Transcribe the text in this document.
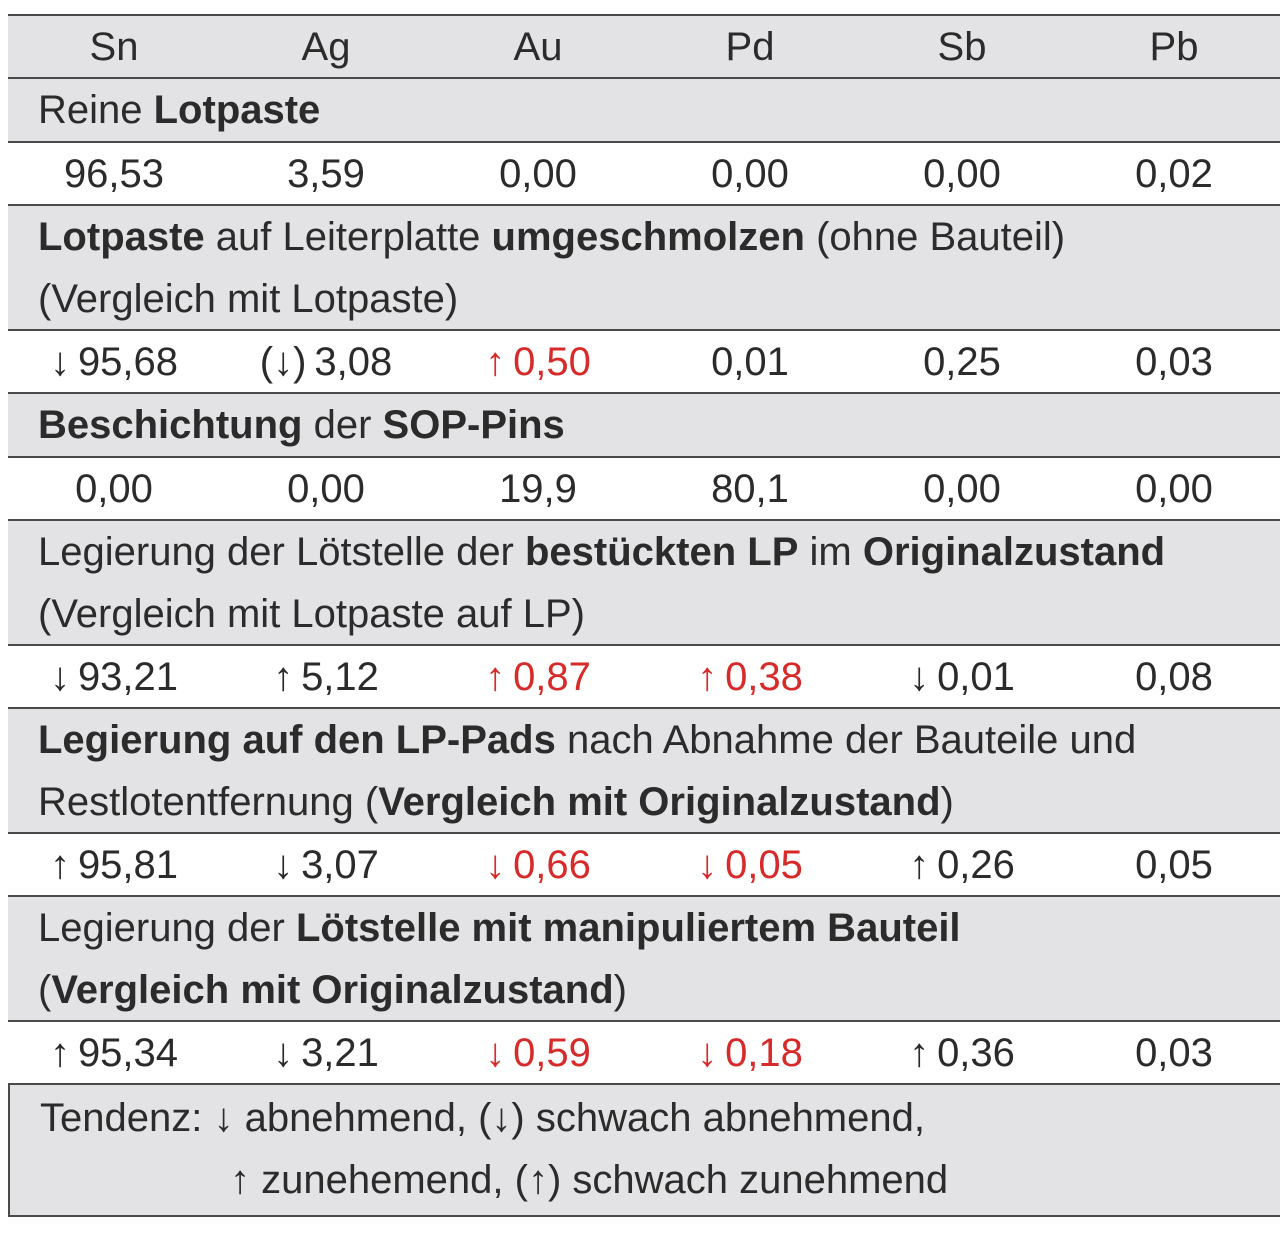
Sn	Ag	Au	Pd	Sb	Pb
Reine Lotpaste
96,53	3,59	0,00	0,00	0,00	0,02
Lotpaste auf Leiterplatte umgeschmolzen (ohne Bauteil)
(Vergleich mit Lotpaste)
↓ 95,68	(↓) 3,08	↑ 0,50	0,01	0,25	0,03
Beschichtung der SOP-Pins
0,00	0,00	19,9	80,1	0,00	0,00
Legierung der Lötstelle der bestückten LP im Originalzustand
(Vergleich mit Lotpaste auf LP)
↓ 93,21	↑ 5,12	↑ 0,87	↑ 0,38	↓ 0,01	0,08
Legierung auf den LP-Pads nach Abnahme der Bauteile und
Restlotentfernung (Vergleich mit Originalzustand)
↑ 95,81	↓ 3,07	↓ 0,66	↓ 0,05	↑ 0,26	0,05
Legierung der Lötstelle mit manipuliertem Bauteil
(Vergleich mit Originalzustand)
↑ 95,34	↓ 3,21	↓ 0,59	↓ 0,18	↑ 0,36	0,03
Tendenz: ↓ abnehmend, (↓) schwach abnehmend,
↑ zunehemend, (↑) schwach zunehmend
